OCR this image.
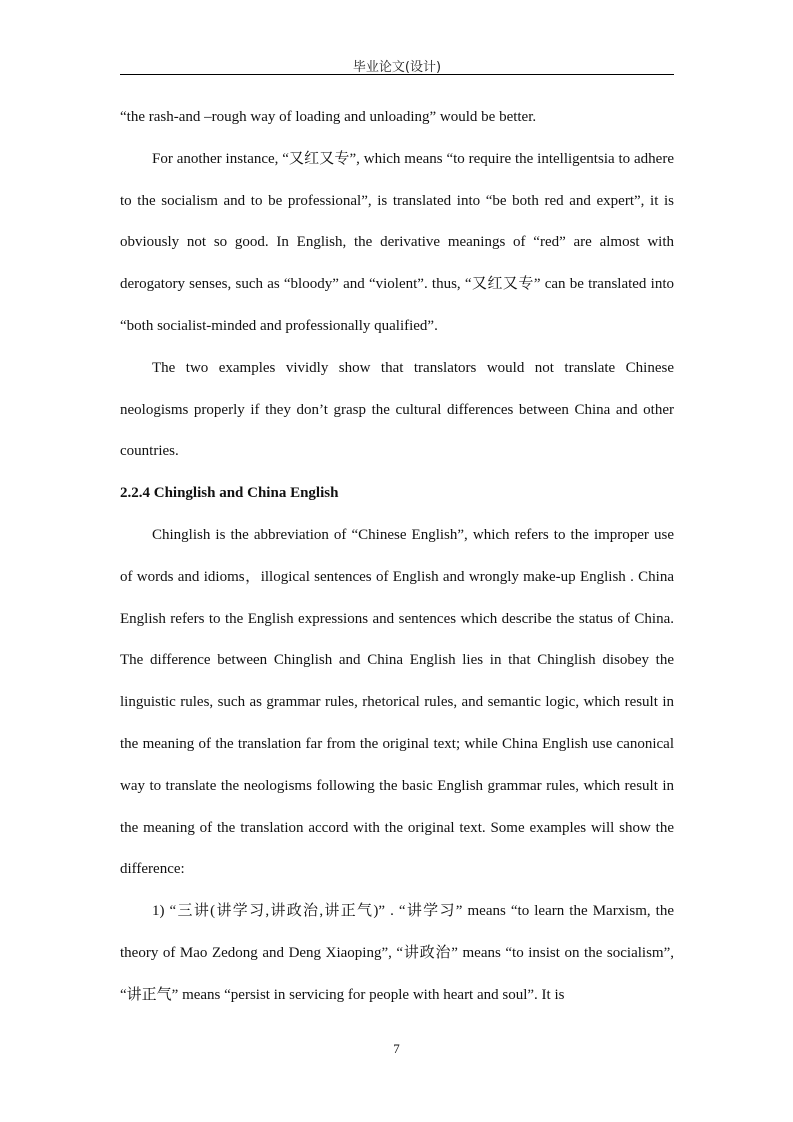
毕业论文(设计)

“the rash-and –rough way of loading and unloading” would be better.

For another instance, “又红又专”, which means “to require the intelligentsia to adhere to the socialism and to be professional”, is translated into “be both red and expert”, it is obviously not so good. In English, the derivative meanings of “red” are almost with derogatory senses, such as “bloody” and “violent”. thus, “又红又专” can be translated into “both socialist-minded and professionally qualified”.

The two examples vividly show that translators would not translate Chinese neologisms properly if they don’t grasp the cultural differences between China and other countries.

2.2.4 Chinglish and China English

Chinglish is the abbreviation of “Chinese English”, which refers to the improper use of words and idioms，illogical sentences of English and wrongly make-up English . China English refers to the English expressions and sentences which describe the status of China. The difference between Chinglish and China English lies in that Chinglish disobey the linguistic rules, such as grammar rules, rhetorical rules, and semantic logic, which result in the meaning of the translation far from the original text; while China English use canonical way to translate the neologisms following the basic English grammar rules, which result in the meaning of the translation accord with the original text. Some examples will show the difference:

1) “三讲(讲学习,讲政治,讲正气)” . “讲学习” means “to learn the Marxism, the theory of Mao Zedong and Deng Xiaoping”, “讲政治” means “to insist on the socialism”, “讲正气” means “persist in servicing for people with heart and soul”. It is

7
